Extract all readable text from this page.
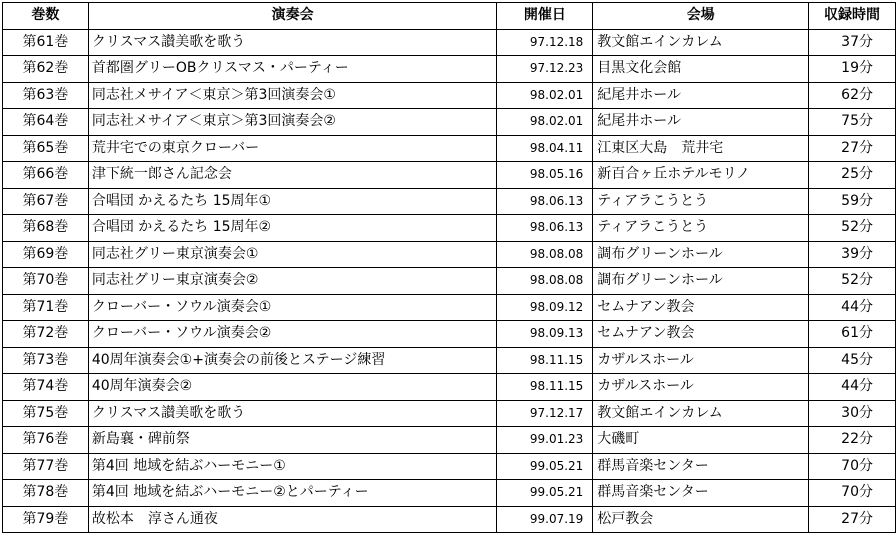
巻数	演奏会	開催日	会場	収録時間
第61巻	クリスマス讃美歌を歌う	97.12.18	教文館エインカレム	37分
第62巻	首都圏グリーOBクリスマス・パーティー	97.12.23	目黒文化会館	19分
第63巻	同志社メサイア＜東京＞第3回演奏会①	98.02.01	紀尾井ホール	62分
第64巻	同志社メサイア＜東京＞第3回演奏会②	98.02.01	紀尾井ホール	75分
第65巻	荒井宅での東京クローバー	98.04.11	江東区大島　荒井宅	27分
第66巻	津下統一郎さん記念会	98.05.16	新百合ヶ丘ホテルモリノ	25分
第67巻	合唱団 かえるたち 15周年①	98.06.13	ティアラこうとう	59分
第68巻	合唱団 かえるたち 15周年②	98.06.13	ティアラこうとう	52分
第69巻	同志社グリー東京演奏会①	98.08.08	調布グリーンホール	39分
第70巻	同志社グリー東京演奏会②	98.08.08	調布グリーンホール	52分
第71巻	クローバー・ソウル演奏会①	98.09.12	セムナアン教会	44分
第72巻	クローバー・ソウル演奏会②	98.09.13	セムナアン教会	61分
第73巻	40周年演奏会①+演奏会の前後とステージ練習	98.11.15	カザルスホール	45分
第74巻	40周年演奏会②	98.11.15	カザルスホール	44分
第75巻	クリスマス讃美歌を歌う	97.12.17	教文館エインカレム	30分
第76巻	新島襄・碑前祭	99.01.23	大磯町	22分
第77巻	第4回 地域を結ぶハーモニー①	99.05.21	群馬音楽センター	70分
第78巻	第4回 地域を結ぶハーモニー②とパーティー	99.05.21	群馬音楽センター	70分
第79巻	故松本　淳さん通夜	99.07.19	松戸教会	27分
